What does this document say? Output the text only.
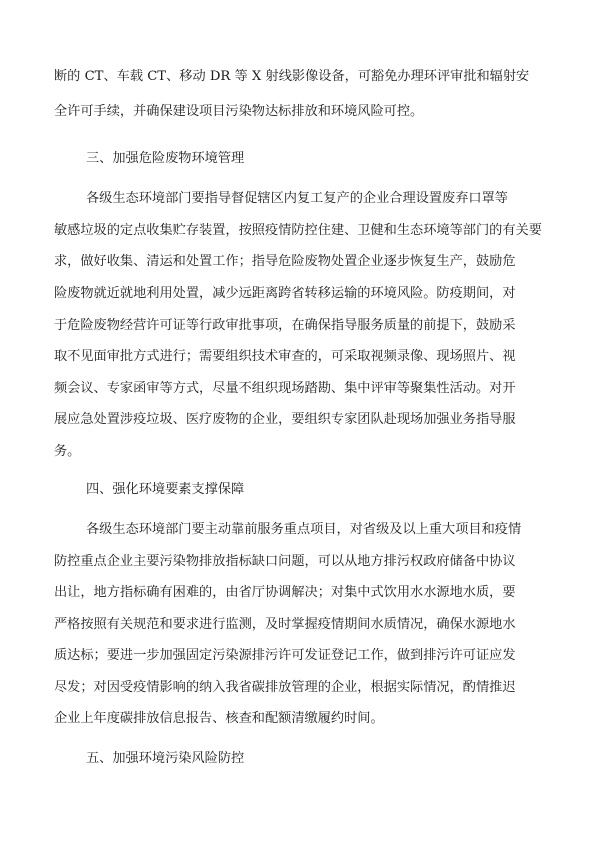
断的 CT、车载 CT、移动 DR 等 X 射线影像设备，可豁免办理环评审批和辐射安
全许可手续，并确保建设项目污染物达标排放和环境风险可控。
三、加强危险废物环境管理
各级生态环境部门要指导督促辖区内复工复产的企业合理设置废弃口罩等
敏感垃圾的定点收集贮存装置，按照疫情防控住建、卫健和生态环境等部门的有关要
求，做好收集、清运和处置工作；指导危险废物处置企业逐步恢复生产，鼓励危
险废物就近就地利用处置，减少远距离跨省转移运输的环境风险。防疫期间，对
于危险废物经营许可证等行政审批事项，在确保指导服务质量的前提下，鼓励采
取不见面审批方式进行；需要组织技术审查的，可采取视频录像、现场照片、视
频会议、专家函审等方式，尽量不组织现场踏勘、集中评审等聚集性活动。对开
展应急处置涉疫垃圾、医疗废物的企业，要组织专家团队赴现场加强业务指导服
务。
四、强化环境要素支撑保障
各级生态环境部门要主动靠前服务重点项目，对省级及以上重大项目和疫情
防控重点企业主要污染物排放指标缺口问题，可以从地方排污权政府储备中协议
出让，地方指标确有困难的，由省厅协调解决；对集中式饮用水水源地水质，要
严格按照有关规范和要求进行监测，及时掌握疫情期间水质情况，确保水源地水
质达标；要进一步加强固定污染源排污许可发证登记工作，做到排污许可证应发
尽发；对因受疫情影响的纳入我省碳排放管理的企业，根据实际情况，酌情推迟
企业上年度碳排放信息报告、核查和配额清缴履约时间。
五、加强环境污染风险防控
